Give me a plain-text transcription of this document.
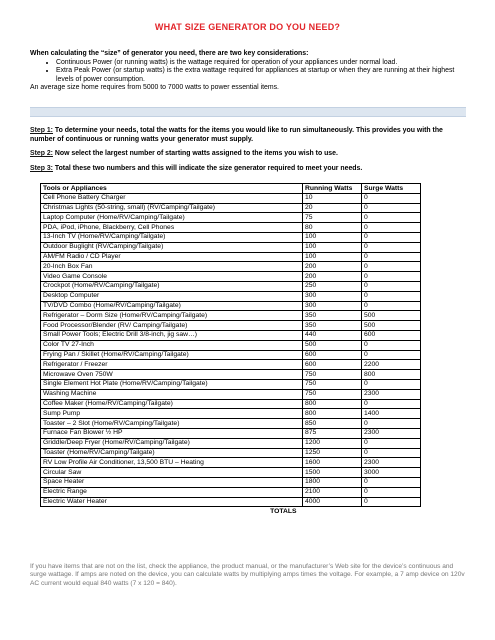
WHAT SIZE GENERATOR DO YOU NEED?
When calculating the “size” of generator you need, there are two key considerations:
• Continuous Power (or running watts) is the wattage required for operation of your appliances under normal load.
• Extra Peak Power (or startup watts) is the extra wattage required for appliances at startup or when they are running at their highest levels of power consumption.
An average size home requires from 5000 to 7000 watts to power essential items.
Step 1: To determine your needs, total the watts for the items you would like to run simultaneously. This provides you with the number of continuous or running watts your generator must supply.
Step 2: Now select the largest number of starting watts assigned to the items you wish to use.
Step 3: Total these two numbers and this will indicate the size generator required to meet your needs.
Tools or Appliances	Running Watts	Surge Watts
Cell Phone Battery Charger	10	0
Christmas Lights (50-string, small) (RV/Camping/Tailgate)	20	0
Laptop Computer (Home/RV/Camping/Tailgate)	75	0
PDA, iPod, iPhone, Blackberry, Cell Phones	80	0
13-Inch TV (Home/RV/Camping/Tailgate)	100	0
Outdoor Buglight (RV/Camping/Tailgate)	100	0
AM/FM Radio / CD Player	100	0
20-Inch Box Fan	200	0
Video Game Console	200	0
Crockpot (Home/RV/Camping/Tailgate)	250	0
Desktop Computer	300	0
TV/DVD Combo (Home/RV/Camping/Tailgate)	300	0
Refrigerator – Dorm Size (Home/RV/Camping/Tailgate)	350	500
Food Processor/Blender (RV/ Camping/Tailgate)	350	500
Small Power Tools; Electric Drill 3/8-inch, jig saw…)	440	600
Color TV 27-Inch	500	0
Frying Pan / Skillet (Home/RV/Camping/Tailgate)	600	0
Refrigerator / Freezer	600	2200
Microwave Oven 750W	750	800
Single Element Hot Plate (Home/RV/Camping/Tailgate)	750	0
Washing Machine	750	2300
Coffee Maker (Home/RV/Camping/Tailgate)	800	0
Sump Pump	800	1400
Toaster – 2 Slot (Home/RV/Camping/Tailgate)	850	0
Furnace Fan Blower ½ HP	875	2300
Griddle/Deep Fryer (Home/RV/Camping/Tailgate)	1200	0
Toaster (Home/RV/Camping/Tailgate)	1250	0
RV Low Profile Air Conditioner, 13,500 BTU – Heating	1600	2300
Circular Saw	1500	3000
Space Heater	1800	0
Electric Range	2100	0
Electric Water Heater	4000	0
TOTALS		
If you have items that are not on the list, check the appliance, the product manual, or the manufacturer’s Web site for the device’s continuous and surge wattage. If amps are noted on the device, you can calculate watts by multiplying amps times the voltage. For example, a 7 amp device on 120v AC current would equal 840 watts (7 x 120 = 840).
